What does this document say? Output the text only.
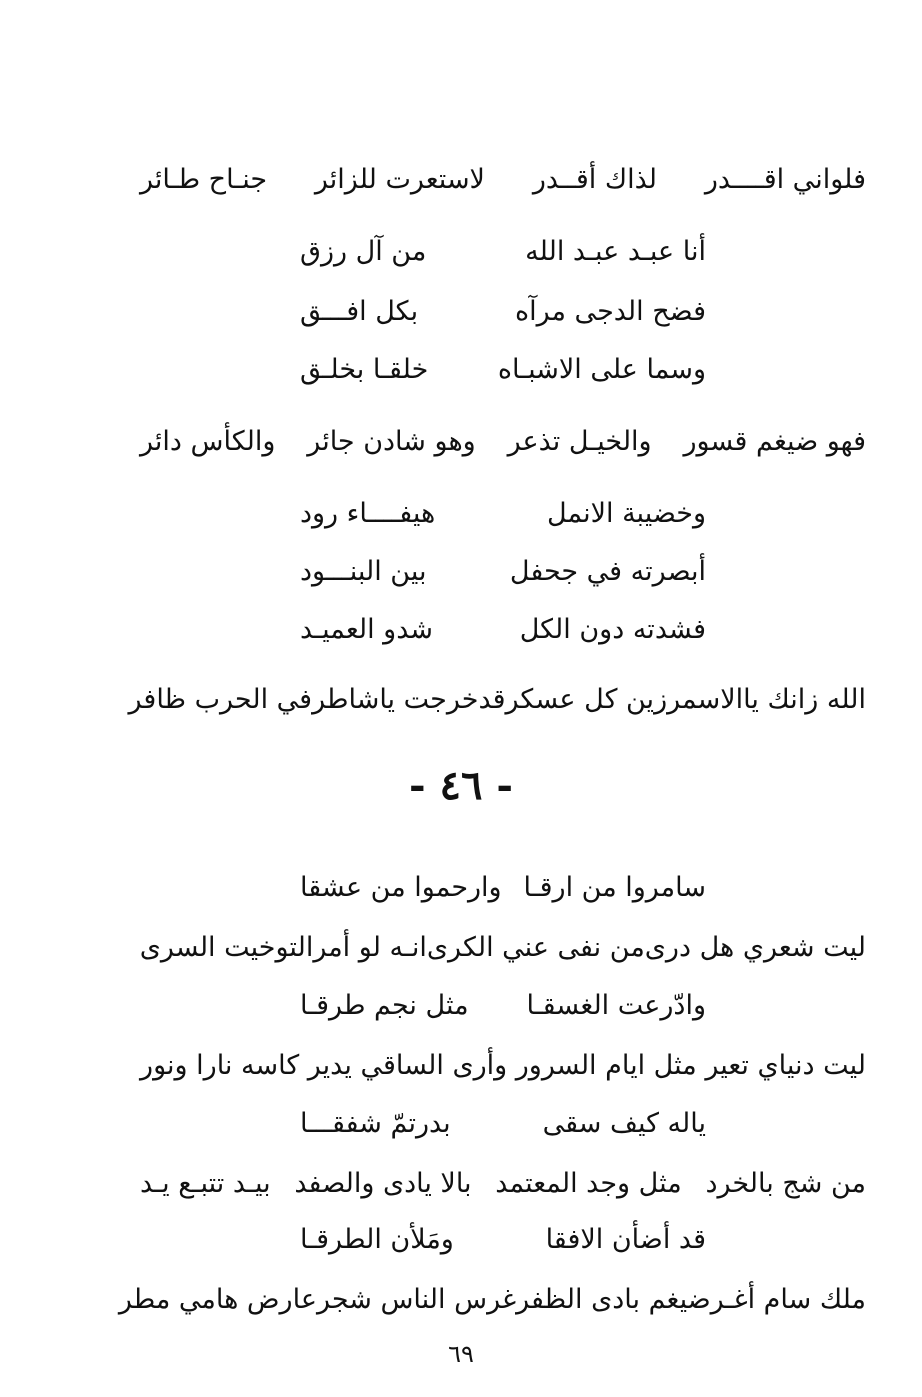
فلواني اقــــدر
لذاك أقــدر
لاستعرت للزائر
جنـاح طـائر
أنا عبـد عبـد الله
من آل رزق
فضح الدجى مرآه
بكل افـــق
وسما على الاشبـاه
خلقـا بخلـق
فهو ضيغم قسور
والخيـل تذعر
وهو شادن جائر
والكأس دائر
وخضيبة الانمل
هيفــــاء رود
أبصرته في جحفل
بين البنـــود
فشدته دون الكل
شدو العميـد
الله زانك ياالاسمر
زين كل عسكر
قدخرجت ياشاطر
في الحرب ظافر
- ٤٦ -
سامروا من ارقـا
وارحموا من عشقا
ليت شعري هل درى
من نفى عني الكرى
انـه لو أمرا
لتوخيت السرى
وادّرعت الغسقـا
مثل نجم طرقـا
ليت دنياي تعير
مثل ايام السرور
وأرى الساقي يدير
كاسه نارا ونور
ياله كيف سقى
بدرتمّ شفقـــا
من شج بالخرد
مثل وجد المعتمد
بالا يادى والصفد
بيـد تتبـع يـد
قد أضأن الافقا
ومَلأن الطرقـا
ملك سام أغـر
ضيغم بادى الظفر
غرس الناس شجر
عارض هامي مطر
٦٩
